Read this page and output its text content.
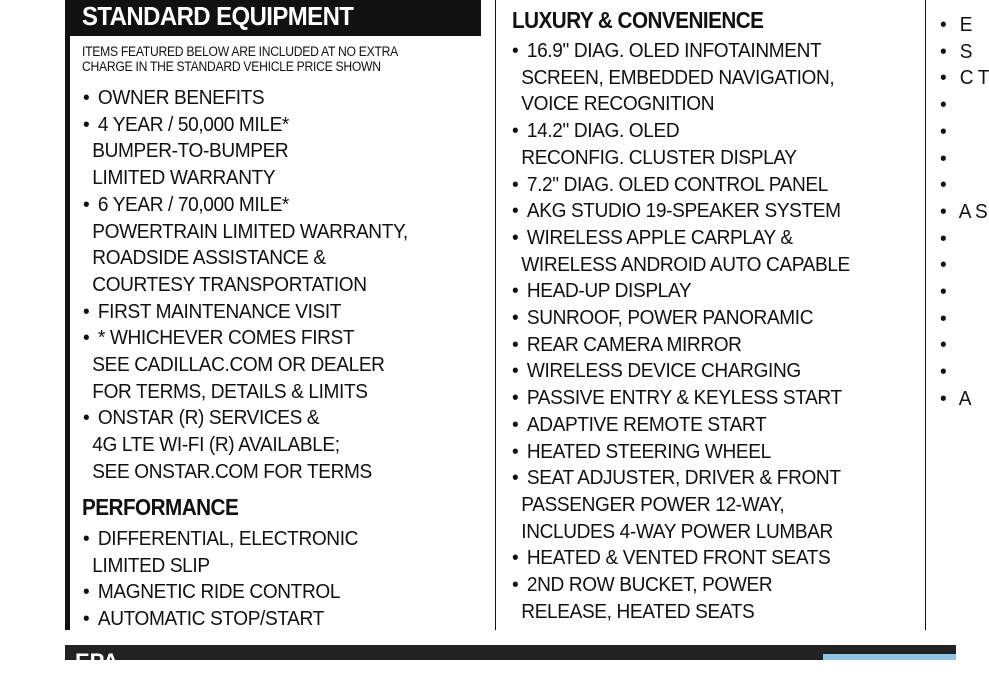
STANDARD EQUIPMENT
ITEMS FEATURED BELOW ARE INCLUDED AT NO EXTRA CHARGE IN THE STANDARD VEHICLE PRICE SHOWN
• OWNER BENEFITS
• 4 YEAR / 50,000 MILE*
BUMPER-TO-BUMPER
LIMITED WARRANTY
• 6 YEAR / 70,000 MILE*
POWERTRAIN LIMITED WARRANTY,
ROADSIDE ASSISTANCE &
COURTESY TRANSPORTATION
• FIRST MAINTENANCE VISIT
• * WHICHEVER COMES FIRST
SEE CADILLAC.COM OR DEALER
FOR TERMS, DETAILS & LIMITS
• ONSTAR (R) SERVICES &
4G LTE WI-FI (R) AVAILABLE;
SEE ONSTAR.COM FOR TERMS
PERFORMANCE
• DIFFERENTIAL, ELECTRONIC
LIMITED SLIP
• MAGNETIC RIDE CONTROL
• AUTOMATIC STOP/START
LUXURY & CONVENIENCE
• 16.9" DIAG. OLED INFOTAINMENT
SCREEN, EMBEDDED NAVIGATION,
VOICE RECOGNITION
• 14.2" DIAG. OLED
RECONFIG. CLUSTER DISPLAY
• 7.2" DIAG. OLED CONTROL PANEL
• AKG STUDIO 19-SPEAKER SYSTEM
• WIRELESS APPLE CARPLAY &
WIRELESS ANDROID AUTO CAPABLE
• HEAD-UP DISPLAY
• SUNROOF, POWER PANORAMIC
• REAR CAMERA MIRROR
• WIRELESS DEVICE CHARGING
• PASSIVE ENTRY & KEYLESS START
• ADAPTIVE REMOTE START
• HEATED STEERING WHEEL
• SEAT ADJUSTER, DRIVER & FRONT
PASSENGER POWER 12-WAY,
INCLUDES 4-WAY POWER LUMBAR
• HEATED & VENTED FRONT SEATS
• 2ND ROW BUCKET, POWER
RELEASE, HEATED SEATS
• E
• S
• C T
•
•
•
•
• A S
•
•
•
•
•
•
• A
EPA
